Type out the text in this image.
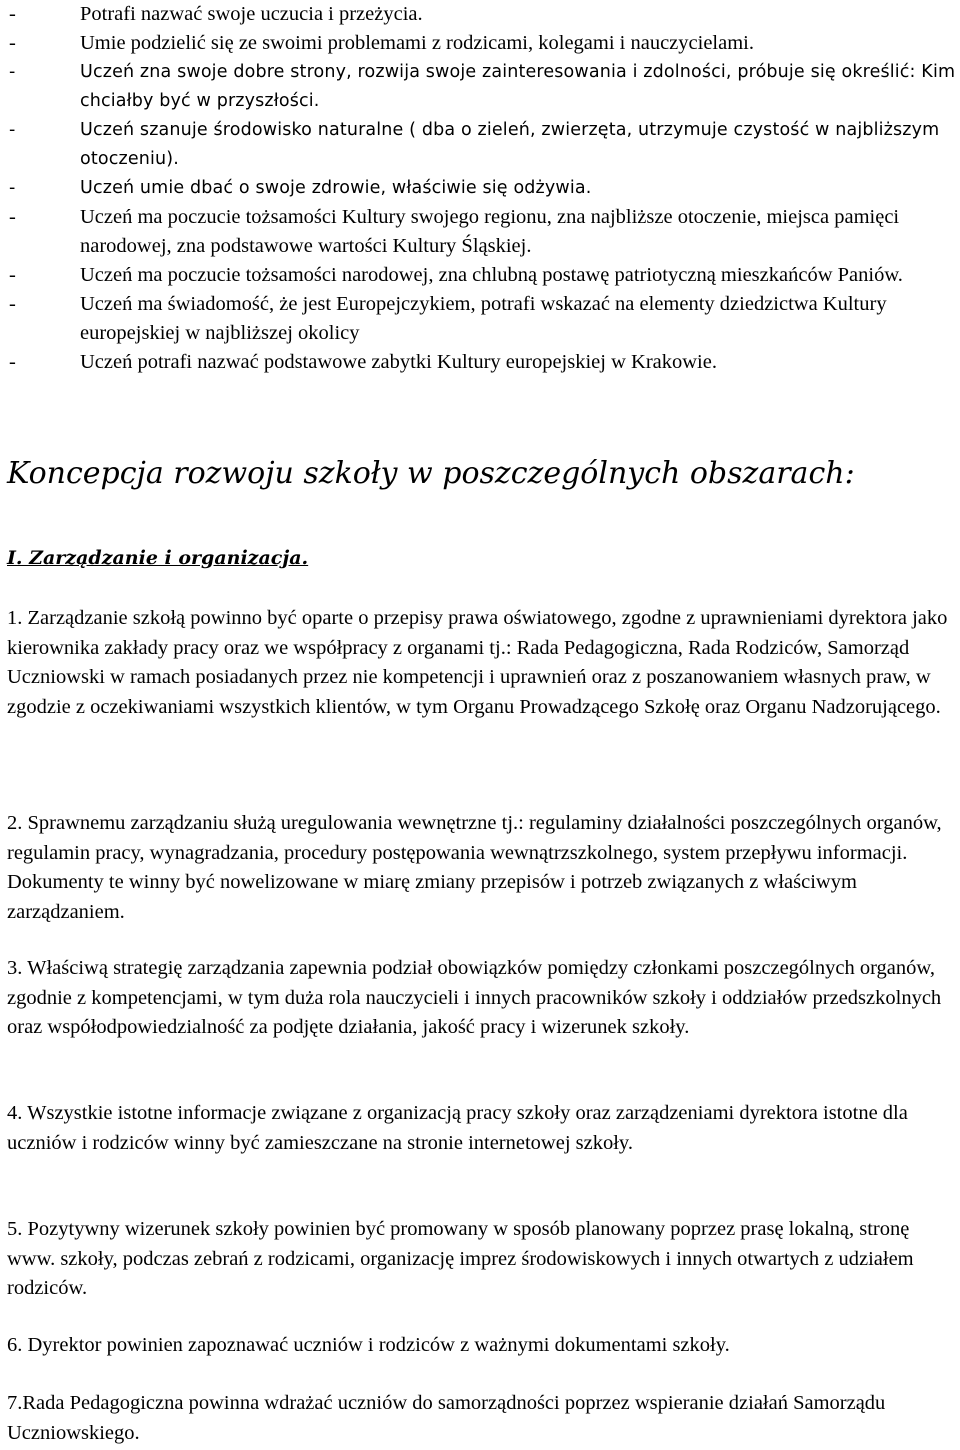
-	Potrafi nazwać swoje uczucia i przeżycia.
-	Umie podzielić się ze swoimi problemami z rodzicami, kolegami i nauczycielami.
-	Uczeń zna swoje dobre strony, rozwija swoje zainteresowania i zdolności, próbuje się określić: Kim chciałby być w przyszłości.
-	Uczeń szanuje środowisko naturalne ( dba o zieleń, zwierzęta, utrzymuje czystość w najbliższym otoczeniu).
-	Uczeń umie dbać o swoje zdrowie, właściwie się odżywia.
-	Uczeń ma poczucie tożsamości Kultury swojego regionu, zna najbliższe otoczenie, miejsca pamięci narodowej, zna podstawowe wartości Kultury Śląskiej.
-	Uczeń ma poczucie tożsamości narodowej, zna chlubną postawę patriotyczną mieszkańców Paniów.
-	Uczeń ma świadomość, że jest Europejczykiem, potrafi wskazać na elementy dziedzictwa Kultury europejskiej w najbliższej okolicy
-	Uczeń potrafi nazwać podstawowe zabytki Kultury europejskiej w Krakowie.
Koncepcja rozwoju szkoły w poszczególnych obszarach:
I. Zarządzanie i organizacja.

1. Zarządzanie szkołą powinno być oparte o przepisy prawa oświatowego, zgodne z uprawnieniami dyrektora jako kierownika zakłady pracy oraz we współpracy z organami tj.: Rada Pedagogiczna, Rada Rodziców, Samorząd Uczniowski w ramach posiadanych przez nie kompetencji i uprawnień oraz z poszanowaniem własnych praw, w zgodzie z oczekiwaniami wszystkich klientów, w tym Organu Prowadzącego Szkołę oraz Organu Nadzorującego.

2. Sprawnemu zarządzaniu służą uregulowania wewnętrzne tj.: regulaminy działalności poszczególnych organów, regulamin pracy, wynagradzania, procedury postępowania wewnątrzszkolnego, system przepływu informacji. Dokumenty te winny być nowelizowane w miarę zmiany przepisów i potrzeb związanych z właściwym zarządzaniem.

3. Właściwą strategię zarządzania zapewnia podział obowiązków pomiędzy członkami poszczególnych organów, zgodnie z kompetencjami, w tym duża rola nauczycieli i innych pracowników szkoły i oddziałów przedszkolnych oraz współodpowiedzialność za podjęte działania, jakość pracy i wizerunek szkoły.

4. Wszystkie istotne informacje związane z organizacją pracy szkoły oraz zarządzeniami dyrektora istotne dla uczniów i rodziców winny być zamieszczane na stronie internetowej szkoły.

5. Pozytywny wizerunek szkoły powinien być promowany w sposób planowany poprzez prasę lokalną, stronę www. szkoły, podczas zebrań z rodzicami, organizację imprez środowiskowych i innych otwartych z udziałem rodziców.

6. Dyrektor powinien zapoznawać uczniów i rodziców z ważnymi dokumentami szkoły.

7.Rada Pedagogiczna powinna wdrażać uczniów do samorządności poprzez wspieranie działań Samorządu Uczniowskiego.
